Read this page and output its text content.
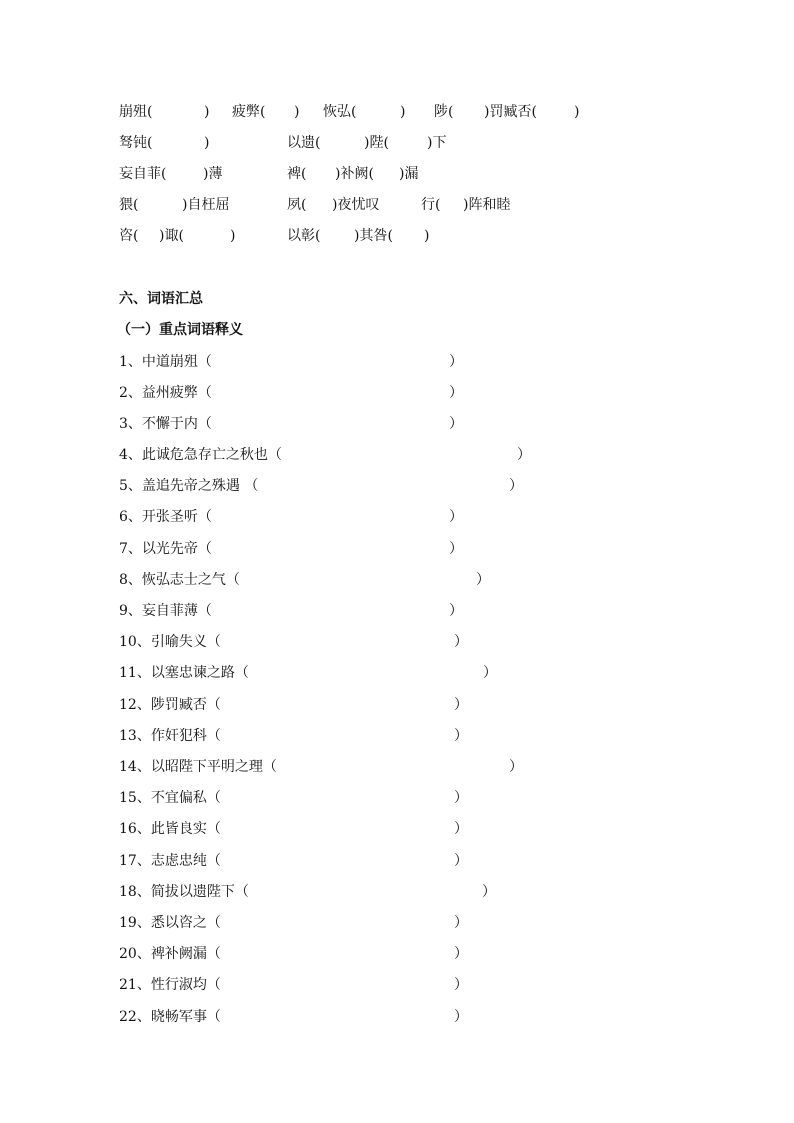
崩殂(	) 疲弊( ) 恢弘(	) 陟( )罚臧否(	)
驽钝(	)	以遗(	)陛(	)下
妄自菲(	)薄	裨( )补阙( )漏
猥(	)自枉屈	夙( )夜忧叹	行( )阵和睦
咨( )诹(	)	以彰( )其咎( )
六、词语汇总
（一）重点词语释义
1、中道崩殂（	）
2、益州疲弊（	）
3、不懈于内（	）
4、此诚危急存亡之秋也（	）
5、盖追先帝之殊遇 （	）
6、开张圣听（	）
7、以光先帝（	）
8、恢弘志士之气（	）
9、妄自菲薄（	）
10、引喻失义（	）
11、以塞忠谏之路（	）
12、陟罚臧否（	）
13、作奸犯科（	）
14、以昭陛下平明之理（	）
15、不宜偏私（	）
16、此皆良实（	）
17、志虑忠纯（	）
18、简拔以遗陛下（	）
19、悉以咨之（	）
20、裨补阙漏（	）
21、性行淑均（	）
22、晓畅军事（	）
